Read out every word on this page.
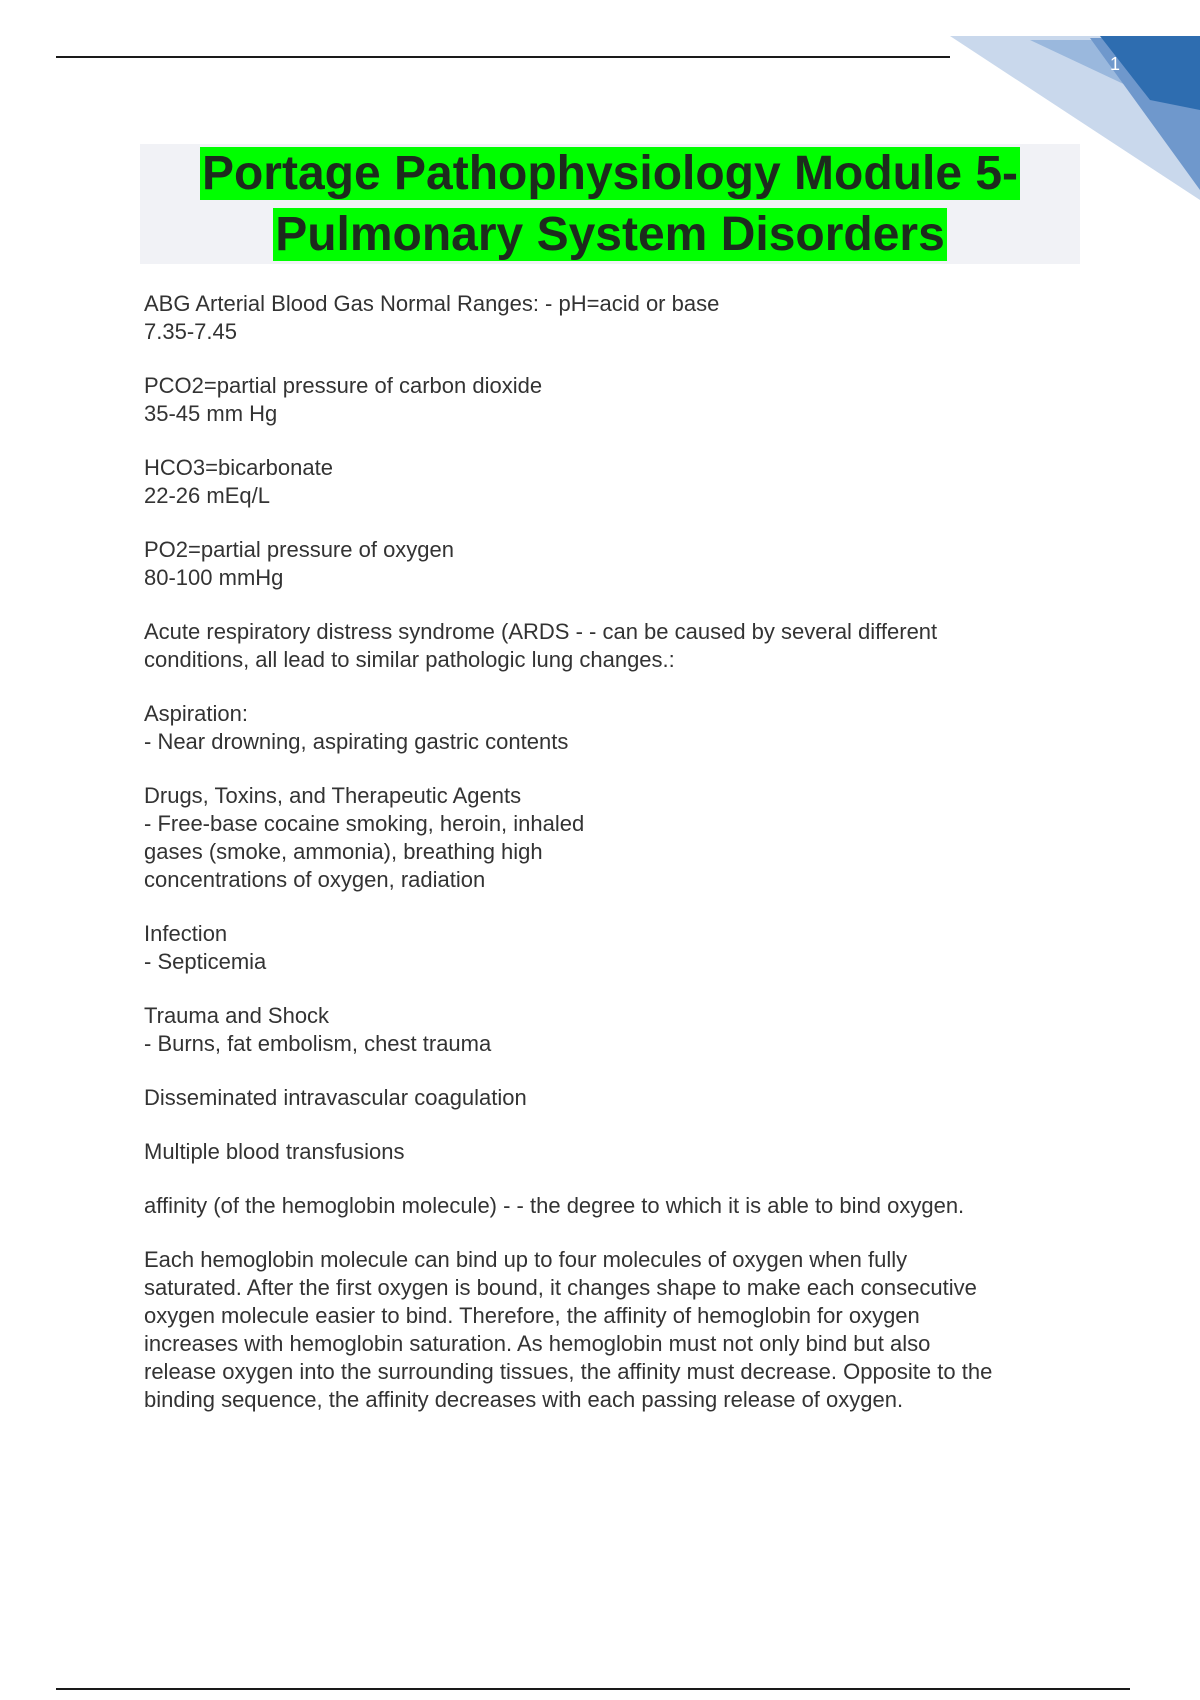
1
Portage Pathophysiology Module 5-
Pulmonary System Disorders
ABG Arterial Blood Gas Normal Ranges: - pH=acid or base
7.35-7.45
PCO2=partial pressure of carbon dioxide
35-45 mm Hg
HCO3=bicarbonate
22-26 mEq/L
PO2=partial pressure of oxygen
80-100 mmHg
Acute respiratory distress syndrome (ARDS - - can be caused by several different
conditions, all lead to similar pathologic lung changes.:
Aspiration:
- Near drowning, aspirating gastric contents
Drugs, Toxins, and Therapeutic Agents
- Free-base cocaine smoking, heroin, inhaled
gases (smoke, ammonia), breathing high
concentrations of oxygen, radiation
Infection
- Septicemia
Trauma and Shock
- Burns, fat embolism, chest trauma
Disseminated intravascular coagulation
Multiple blood transfusions
affinity (of the hemoglobin molecule) - - the degree to which it is able to bind oxygen.
Each hemoglobin molecule can bind up to four molecules of oxygen when fully
saturated. After the first oxygen is bound, it changes shape to make each consecutive
oxygen molecule easier to bind. Therefore, the affinity of hemoglobin for oxygen
increases with hemoglobin saturation. As hemoglobin must not only bind but also
release oxygen into the surrounding tissues, the affinity must decrease. Opposite to the
binding sequence, the affinity decreases with each passing release of oxygen.
